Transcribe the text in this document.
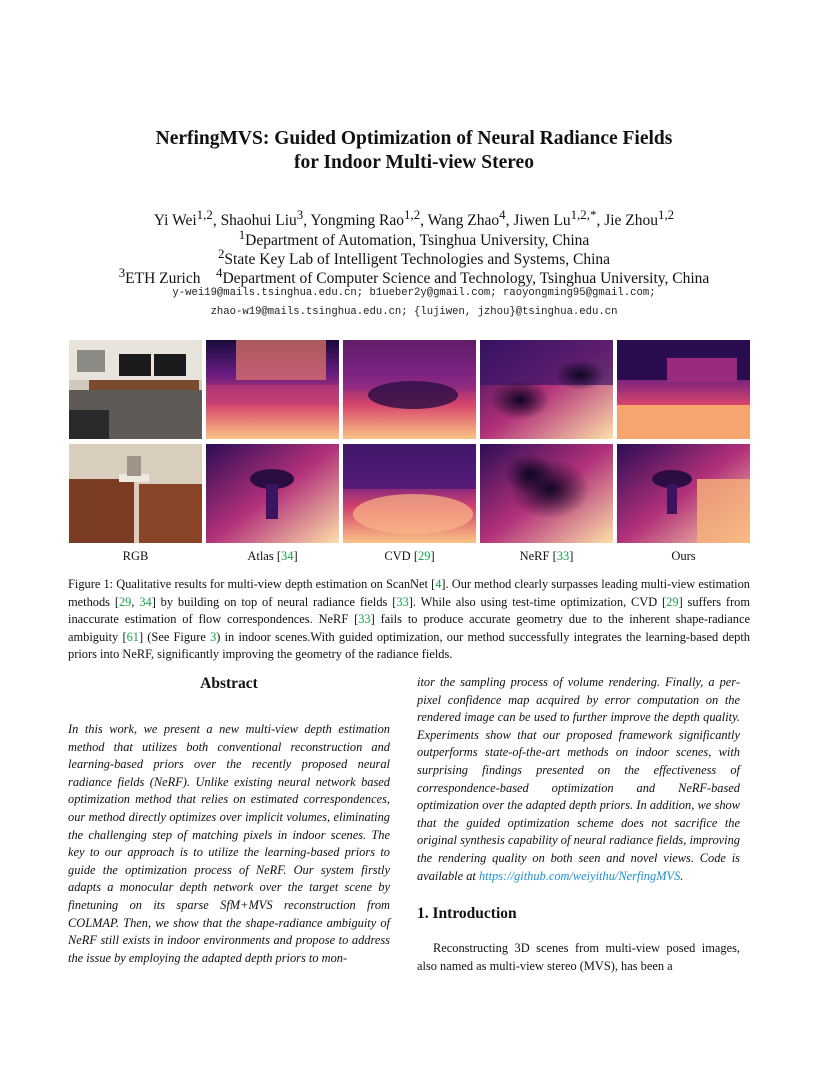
NerfingMVS: Guided Optimization of Neural Radiance Fields
for Indoor Multi-view Stereo
Yi Wei$^{1,2}$, Shaohui Liu$^3$, Yongming Rao$^{1,2}$, Wang Zhao$^4$, Jiwen $Lu^{1,2,*}$, Jie Zhou$^{1,2}$
$^1$Department of Automation, Tsinghua University, China
$^2$State Key Lab of Intelligent Technologies and Systems, China
$^3$ETH Zurich $^4$Department of Computer Science and Technology, Tsinghua University, China
y-wei19@mails.tsinghua.edu.cn; b1ueber2y@gmail.com; raoyongming95@gmail.com;
zhao-w19@mails.tsinghua.edu.cn; {lujiwen, jzhou}@tsinghua.edu.cn
RGB	Atlas [34]	CVD [29]	NeRF [33]	Ours
Figure 1: Qualitative results for multi-view depth estimation on ScanNet [4]. Our method clearly surpasses leading multi-view estimation methods [29, 34] by building on top of neural radiance fields [33]. While also using test-time optimization, CVD [29] suffers from inaccurate estimation of flow correspondences. NeRF [33] fails to produce accurate geometry due to the inherent shape-radiance ambiguity [61] (See Figure 3) in indoor scenes.With guided optimization, our method successfully integrates the learning-based depth priors into NeRF, significantly improving the geometry of the radiance fields.
Abstract
In this work, we present a new multi-view depth estimation method that utilizes both conventional reconstruction and learning-based priors over the recently proposed neural radiance fields (NeRF). Unlike existing neural network based optimization method that relies on estimated correspondences, our method directly optimizes over implicit volumes, eliminating the challenging step of matching pixels in indoor scenes. The key to our approach is to utilize the learning-based priors to guide the optimization process of NeRF. Our system firstly adapts a monocular depth network over the target scene by finetuning on its sparse SfM+MVS reconstruction from COLMAP. Then, we show that the shape-radiance ambiguity of NeRF still exists in indoor environments and propose to address the issue by employing the adapted depth priors to mon-
itor the sampling process of volume rendering. Finally, a per-pixel confidence map acquired by error computation on the rendered image can be used to further improve the depth quality. Experiments show that our proposed framework significantly outperforms state-of-the-art methods on indoor scenes, with surprising findings presented on the effectiveness of correspondence-based optimization and NeRF-based optimization over the adapted depth priors. In addition, we show that the guided optimization scheme does not sacrifice the original synthesis capability of neural radiance fields, improving the rendering quality on both seen and novel views. Code is available at https://github.com/weiyithu/NerfingMVS.
1. Introduction
Reconstructing 3D scenes from multi-view posed images, also named as multi-view stereo (MVS), has been a
